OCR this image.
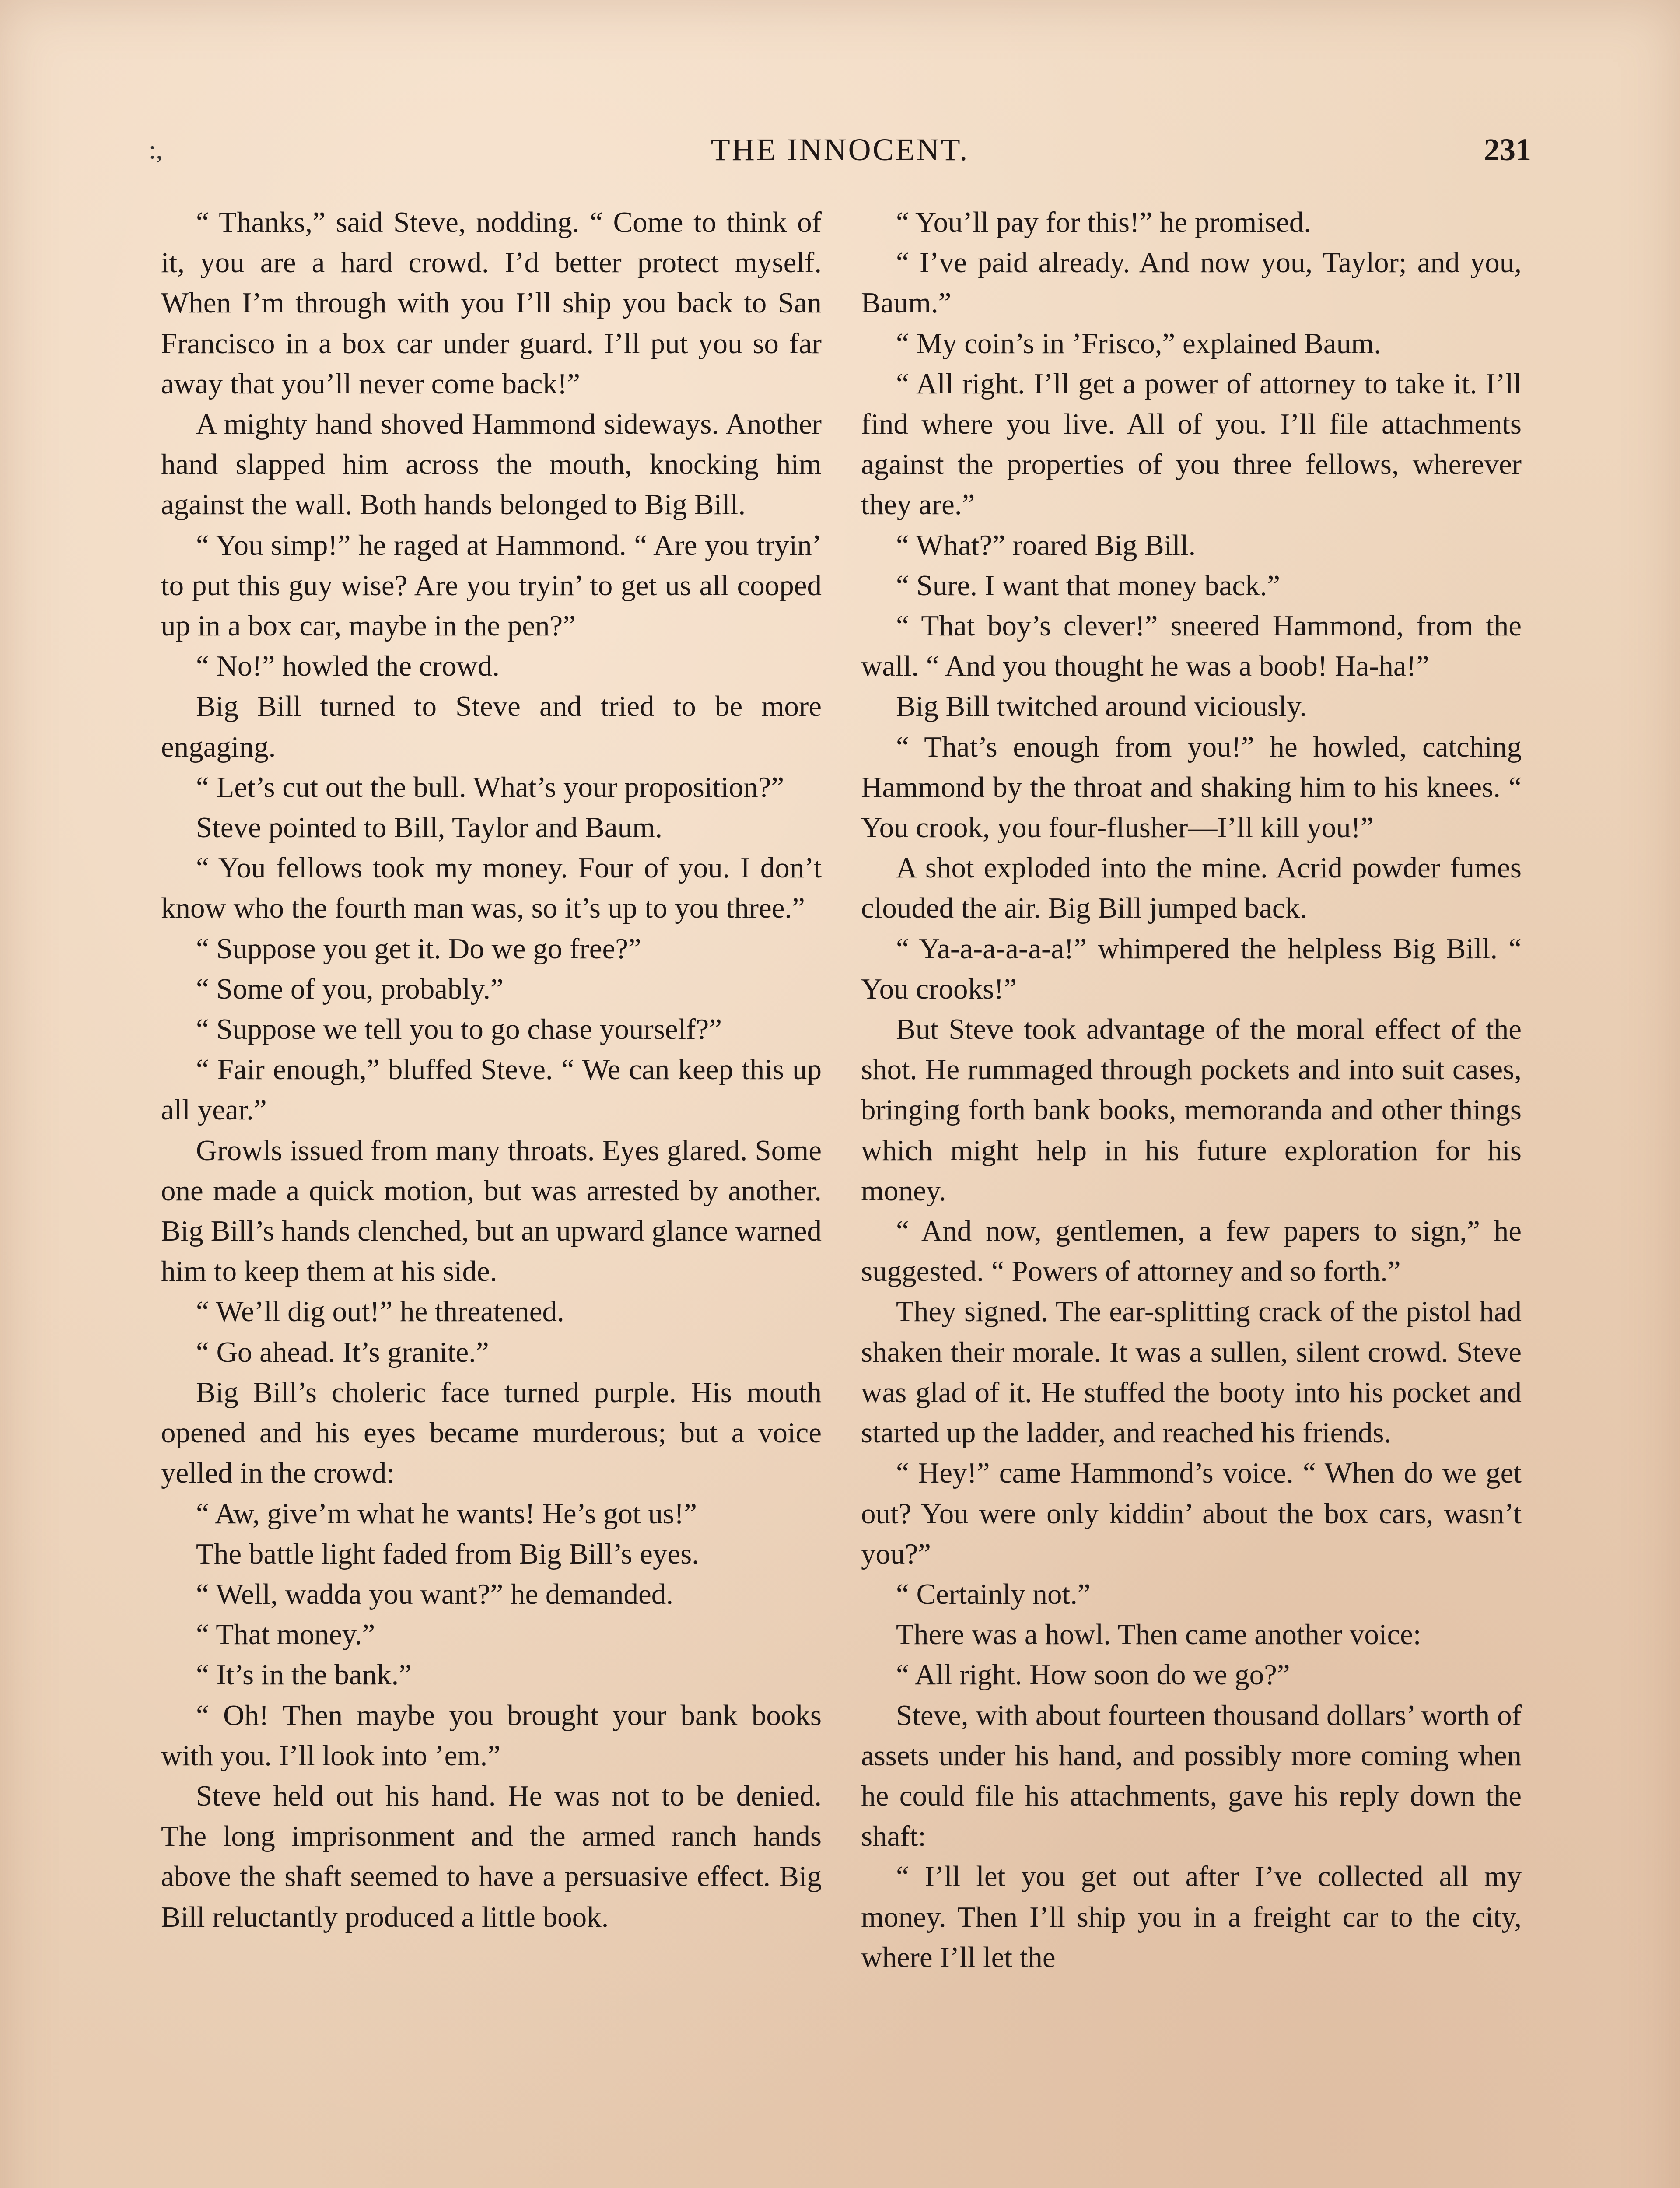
:,	THE INNOCENT.	231

“ Thanks,” said Steve, nodding. “ Come to think of it, you are a hard crowd. I’d better protect myself. When I’m through with you I’ll ship you back to San Francisco in a box car under guard. I’ll put you so far away that you’ll never come back!”

A mighty hand shoved Hammond sideways. Another hand slapped him across the mouth, knocking him against the wall. Both hands belonged to Big Bill.

“ You simp!” he raged at Hammond. “ Are you tryin’ to put this guy wise? Are you tryin’ to get us all cooped up in a box car, maybe in the pen?”

“ No!” howled the crowd.

Big Bill turned to Steve and tried to be more engaging.

“ Let’s cut out the bull. What’s your proposition?”

Steve pointed to Bill, Taylor and Baum.

“ You fellows took my money. Four of you. I don’t know who the fourth man was, so it’s up to you three.”

“ Suppose you get it. Do we go free?”

“ Some of you, probably.”

“ Suppose we tell you to go chase yourself?”

“ Fair enough,” bluffed Steve. “ We can keep this up all year.”

Growls issued from many throats. Eyes glared. Some one made a quick motion, but was arrested by another. Big Bill’s hands clenched, but an upward glance warned him to keep them at his side.

“ We’ll dig out!” he threatened.

“ Go ahead. It’s granite.”

Big Bill’s choleric face turned purple. His mouth opened and his eyes became murderous; but a voice yelled in the crowd:

“ Aw, give’m what he wants! He’s got us!”

The battle light faded from Big Bill’s eyes.

“ Well, wadda you want?” he demanded.

“ That money.”

“ It’s in the bank.”

“ Oh! Then maybe you brought your bank books with you. I’ll look into ’em.”

Steve held out his hand. He was not to be denied. The long imprisonment and the armed ranch hands above the shaft seemed to have a persuasive effect. Big Bill reluctantly produced a little book.

“ You’ll pay for this!” he promised.

“ I’ve paid already. And now you, Taylor; and you, Baum.”

“ My coin’s in ’Frisco,” explained Baum.

“ All right. I’ll get a power of attorney to take it. I’ll find where you live. All of you. I’ll file attachments against the properties of you three fellows, wherever they are.”

“ What?” roared Big Bill.

“ Sure. I want that money back.”

“ That boy’s clever!” sneered Hammond, from the wall. “ And you thought he was a boob! Ha-ha!”

Big Bill twitched around viciously.

“ That’s enough from you!” he howled, catching Hammond by the throat and shaking him to his knees. “ You crook, you four-flusher—I’ll kill you!”

A shot exploded into the mine. Acrid powder fumes clouded the air. Big Bill jumped back.

“ Ya-a-a-a-a-a!” whimpered the helpless Big Bill. “ You crooks!”

But Steve took advantage of the moral effect of the shot. He rummaged through pockets and into suit cases, bringing forth bank books, memoranda and other things which might help in his future exploration for his money.

“ And now, gentlemen, a few papers to sign,” he suggested. “ Powers of attorney and so forth.”

They signed. The ear-splitting crack of the pistol had shaken their morale. It was a sullen, silent crowd. Steve was glad of it. He stuffed the booty into his pocket and started up the ladder, and reached his friends.

“ Hey!” came Hammond’s voice. “ When do we get out? You were only kiddin’ about the box cars, wasn’t you?”

“ Certainly not.”

There was a howl. Then came another voice:

“ All right. How soon do we go?”

Steve, with about fourteen thousand dollars’ worth of assets under his hand, and possibly more coming when he could file his attachments, gave his reply down the shaft:

“ I’ll let you get out after I’ve collected all my money. Then I’ll ship you in a freight car to the city, where I’ll let the
